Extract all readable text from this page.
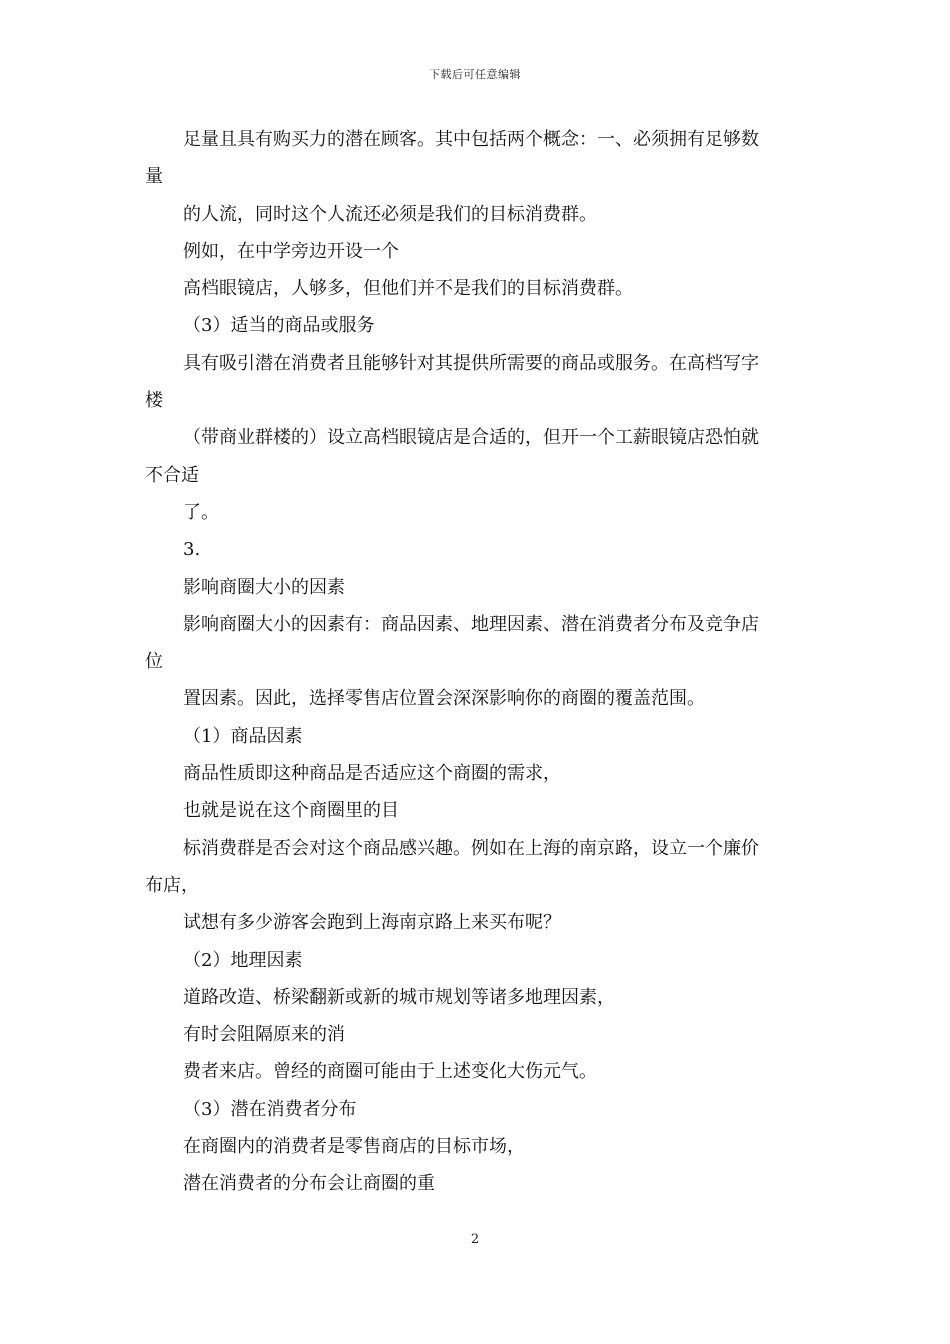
下载后可任意编辑
足量且具有购买力的潜在顾客。其中包括两个概念：一、必须拥有足够数
量
的人流，同时这个人流还必须是我们的目标消费群。
例如，在中学旁边开设一个
高档眼镜店，人够多，但他们并不是我们的目标消费群。
（3）适当的商品或服务
具有吸引潜在消费者且能够针对其提供所需要的商品或服务。在高档写字
楼
（带商业群楼的）设立高档眼镜店是合适的，但开一个工薪眼镜店恐怕就
不合适
了。
3.
影响商圈大小的因素
影响商圈大小的因素有：商品因素、地理因素、潜在消费者分布及竞争店
位
置因素。因此，选择零售店位置会深深影响你的商圈的覆盖范围。
（1）商品因素
商品性质即这种商品是否适应这个商圈的需求，
也就是说在这个商圈里的目
标消费群是否会对这个商品感兴趣。例如在上海的南京路，设立一个廉价
布店，
试想有多少游客会跑到上海南京路上来买布呢？
（2）地理因素
道路改造、桥梁翻新或新的城市规划等诸多地理因素，
有时会阻隔原来的消
费者来店。曾经的商圈可能由于上述变化大伤元气。
（3）潜在消费者分布
在商圈内的消费者是零售商店的目标市场，
潜在消费者的分布会让商圈的重
2
